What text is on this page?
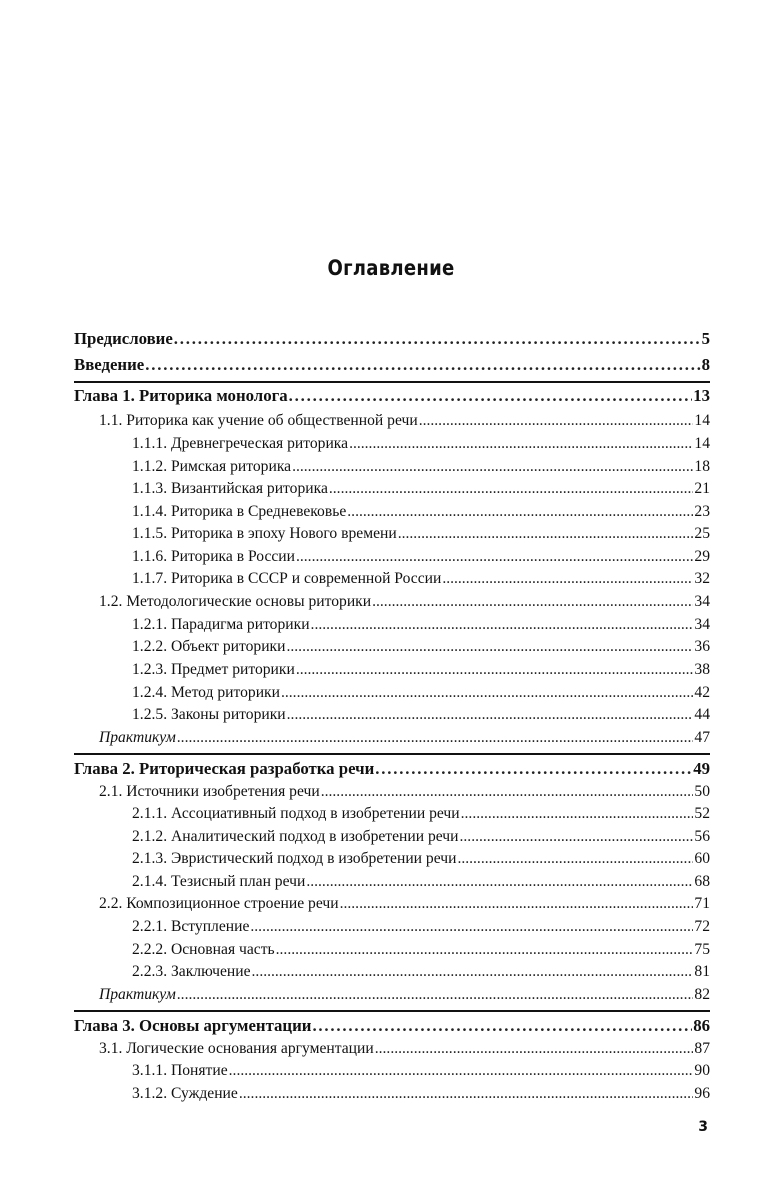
Оглавление
Предисловие .....	5
Введение .....	8
Глава 1. Риторика монолога .....	13
1.1. Риторика как учение об общественной речи .....	14
1.1.1. Древнегреческая риторика .....	14
1.1.2. Римская риторика .....	18
1.1.3. Византийская риторика .....	21
1.1.4. Риторика в Средневековье .....	23
1.1.5. Риторика в эпоху Нового времени .....	25
1.1.6. Риторика в России .....	29
1.1.7. Риторика в СССР и современной России .....	32
1.2. Методологические основы риторики .....	34
1.2.1. Парадигма риторики .....	34
1.2.2. Объект риторики .....	36
1.2.3. Предмет риторики .....	38
1.2.4. Метод риторики .....	42
1.2.5. Законы риторики .....	44
Практикум .....	47
Глава 2. Риторическая разработка речи .....	49
2.1. Источники изобретения речи .....	50
2.1.1. Ассоциативный подход в изобретении речи .....	52
2.1.2. Аналитический подход в изобретении речи .....	56
2.1.3. Эвристический подход в изобретении речи .....	60
2.1.4. Тезисный план речи .....	68
2.2. Композиционное строение речи .....	71
2.2.1. Вступление .....	72
2.2.2. Основная часть .....	75
2.2.3. Заключение .....	81
Практикум .....	82
Глава 3. Основы аргументации .....	86
3.1. Логические основания аргументации .....	87
3.1.1. Понятие .....	90
3.1.2. Суждение .....	96
3
